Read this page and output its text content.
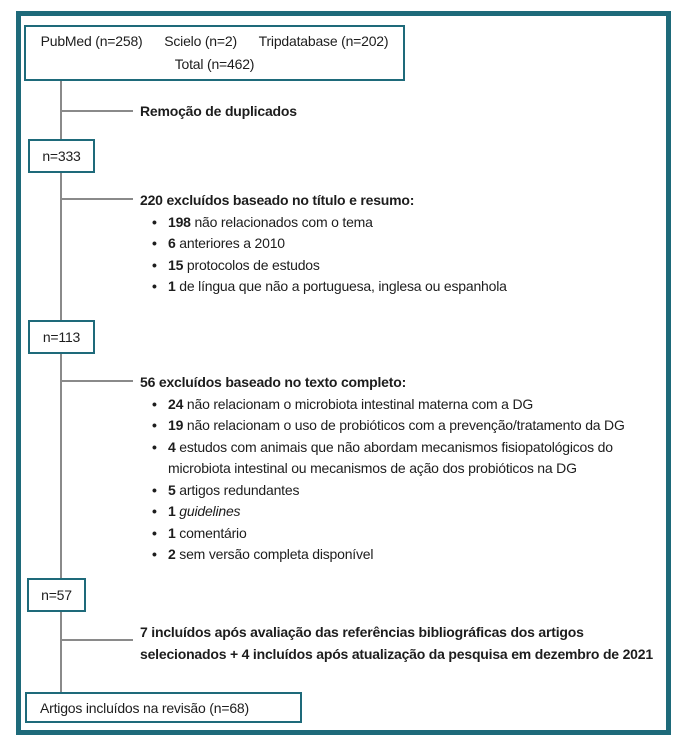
PubMed (n=258) Scielo (n=2) Tripdatabase (n=202)
Total (n=462)
Remoção de duplicados
n=333
n=113
n=57
220 excluídos baseado no título e resumo:
• 198 não relacionados com o tema
• 6 anteriores a 2010
• 15 protocolos de estudos
• 1 de língua que não a portuguesa, inglesa ou espanhola
56 excluídos baseado no texto completo:
• 24 não relacionam o microbiota intestinal materna com a DG
• 19 não relacionam o uso de probióticos com a prevenção/tratamento da DG
• 4 estudos com animais que não abordam mecanismos fisiopatológicos do microbiota intestinal ou mecanismos de ação dos probióticos na DG
• 5 artigos redundantes
• 1 guidelines
• 1 comentário
• 2 sem versão completa disponível
7 incluídos após avaliação das referências bibliográficas dos artigos selecionados + 4 incluídos após atualização da pesquisa em dezembro de 2021
Artigos incluídos na revisão (n=68)
